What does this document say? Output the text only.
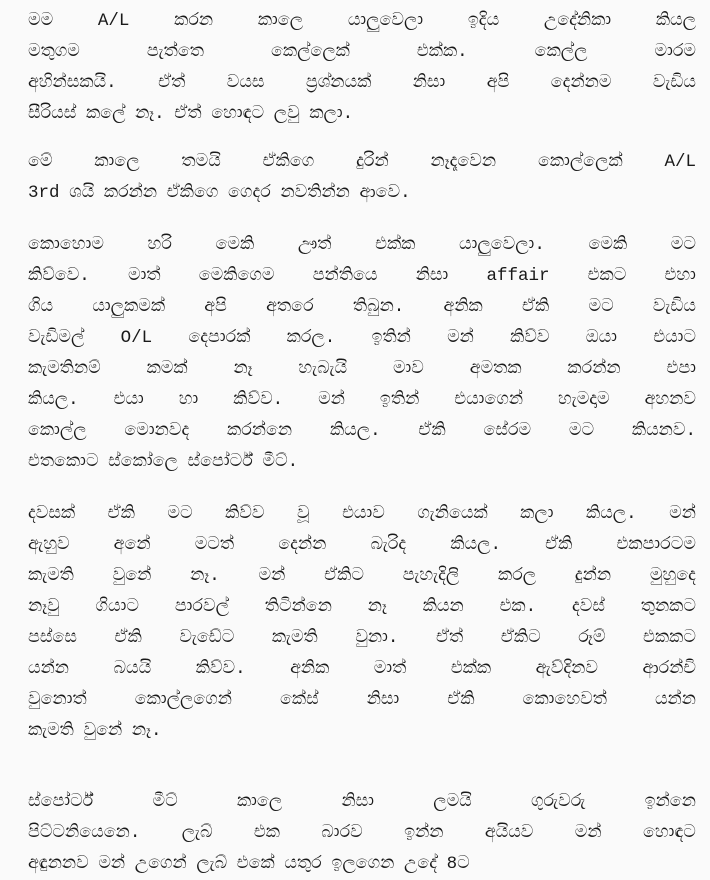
මම	A/L	කරන	කාලෙ	යාලුවෙලා	ඉදිය	උදේනිකා	කියල
මතුගම	පැත්තෙ	කෙල්ලෙක්	එක්ක.	කෙල්ල	මාරම
අහින්සකයි. ඒත් වයස ප්‍රශ්නයක් නිසා අපි දෙන්නම වැඩිය
සීරියස් කලේ නෑ. ඒත් හොඳට ලවු කලා.
මේ කාලෙ තමයි ඒකිගෙ දුරින් නෑදෑවෙන කොල්ලෙක් A/L
3rd ශයි කරන්න ඒකිගෙ ගෙදර නවතින්න ආවෙ.
කොහොම හරි මෙකි ඌත් එක්ක යාලුවෙලා. මෙකි මට
කිව්වෙ. මාත් මෙකිගෙම පන්තියෙ නිසා affair එකට එහා
ගිය යාලුකමක් අපි අතරෙ තිබුන. අනික ඒකි මට වැඩිය
වැඩිමල් O/L දෙපාරක් කරල. ඉතින් මන් කිව්ව ඔයා එයාට
කැමතිනම්	කමක්	නෑ	හැබැයි	මාව	අමතක	කරන්න	එපා
කියල. එයා හා කිව්ව. මන් ඉතින් එයාගෙන් හැමදාම අහනව
කොල්ල මොනවද කරන්නෙ කියල. ඒකි සේරම මට කියනව.
එතකොට ස්කෝලෙ ස්පෝර්ට් මීට්.
දවසක් ඒකි මට කිව්ව වූ එයාව ගැනියෙක් කලා කියල. මන්
ඇහුව	අනේ	මටත්	දෙන්න	බැරිද	කියල.	ඒකි	එකපාරටම
කැමති වුනේ නෑ. මන් ඒකිට පැහැදිලි කරල දුන්න මුහුදෙ
නෑවු ගියාට පාරවල් තිටින්නෙ නෑ කියන එක. දවස් තුනකට
පස්සෙ ඒකි වැඩේට කැමති වුනා. ඒත් ඒකිට රූම් එකකට
යන්න	බයයි	කිව්ව.	අනික	මාත්	එක්ක	ඇව්දිනව	ආරන්චි
වුනොත්	කොල්ලගෙන්	කේස්	නිසා	ඒකි	කොහෙවත්	යන්න
කැමති වුනේ නෑ.
ස්පෝර්ට්	මීට්	කාලෙ	නිසා	ලමයි	ගුරුවරු	ඉන්නෙ
පිට්ටනියෙනෙ. ලැබ් එක බාරව ඉන්න අයියව මන් හොඳට
අඳුනනව මන් උගෙන් ලැබ් එකේ යතුර ඉලගෙන උදේ 8ට
